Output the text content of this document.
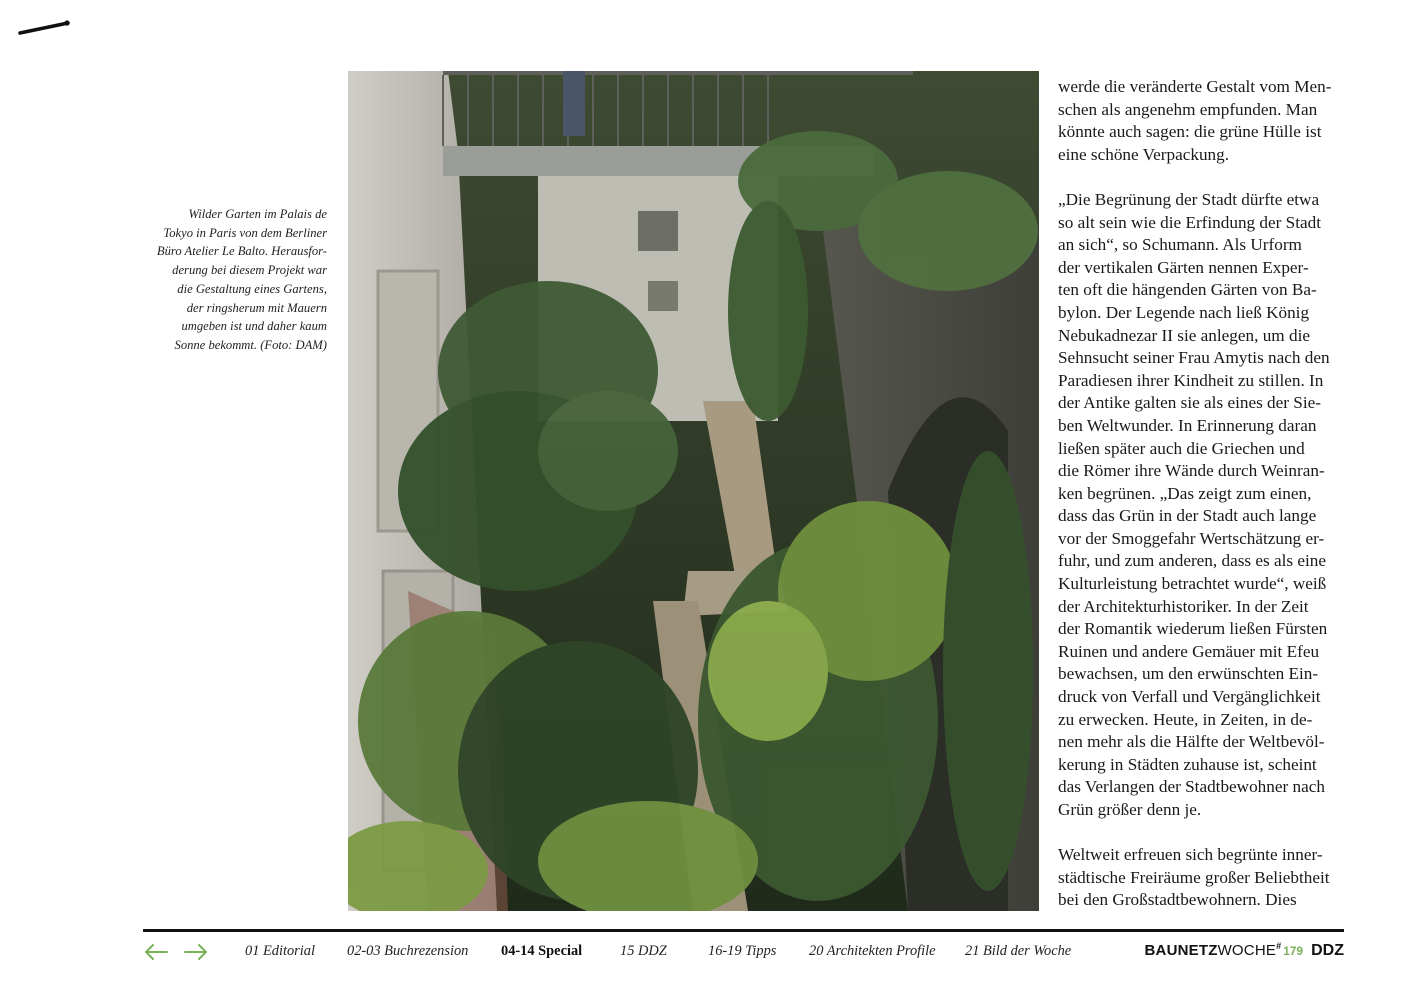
Wilder Garten im Palais de
Tokyo in Paris von dem Berliner
Büro Atelier Le Balto. Herausfor-
derung bei diesem Projekt war
die Gestaltung eines Gartens,
der ringsherum mit Mauern
umgeben ist und daher kaum
Sonne bekommt. (Foto: DAM)
werde die veränderte Gestalt vom Men-
schen als angenehm empfunden. Man
könnte auch sagen: die grüne Hülle ist
eine schöne Verpackung.
„Die Begrünung der Stadt dürfte etwa
so alt sein wie die Erfindung der Stadt
an sich“, so Schumann. Als Urform
der vertikalen Gärten nennen Exper-
ten oft die hängenden Gärten von Ba-
bylon. Der Legende nach ließ König
Nebukadnezar II sie anlegen, um die
Sehnsucht seiner Frau Amytis nach den
Paradiesen ihrer Kindheit zu stillen. In
der Antike galten sie als eines der Sie-
ben Weltwunder. In Erinnerung daran
ließen später auch die Griechen und
die Römer ihre Wände durch Weinran-
ken begrünen. „Das zeigt zum einen,
dass das Grün in der Stadt auch lange
vor der Smoggefahr Wertschätzung er-
fuhr, und zum anderen, dass es als eine
Kulturleistung betrachtet wurde“, weiß
der Architekturhistoriker. In der Zeit
der Romantik wiederum ließen Fürsten
Ruinen und andere Gemäuer mit Efeu
bewachsen, um den erwünschten Ein-
druck von Verfall und Vergänglichkeit
zu erwecken. Heute, in Zeiten, in de-
nen mehr als die Hälfte der Weltbevöl-
kerung in Städten zuhause ist, scheint
das Verlangen der Stadtbewohner nach
Grün größer denn je.
Weltweit erfreuen sich begrünte inner-
städtische Freiräume großer Beliebtheit
bei den Großstadtbewohnern. Dies
01 Editorial 02-03 Buchrezension 04-14 Special	15 DDZ	16-19 Tipps 20 Architekten Profile 21 Bild der Woche	BAUNETZWOCHE# 179 DDZ
